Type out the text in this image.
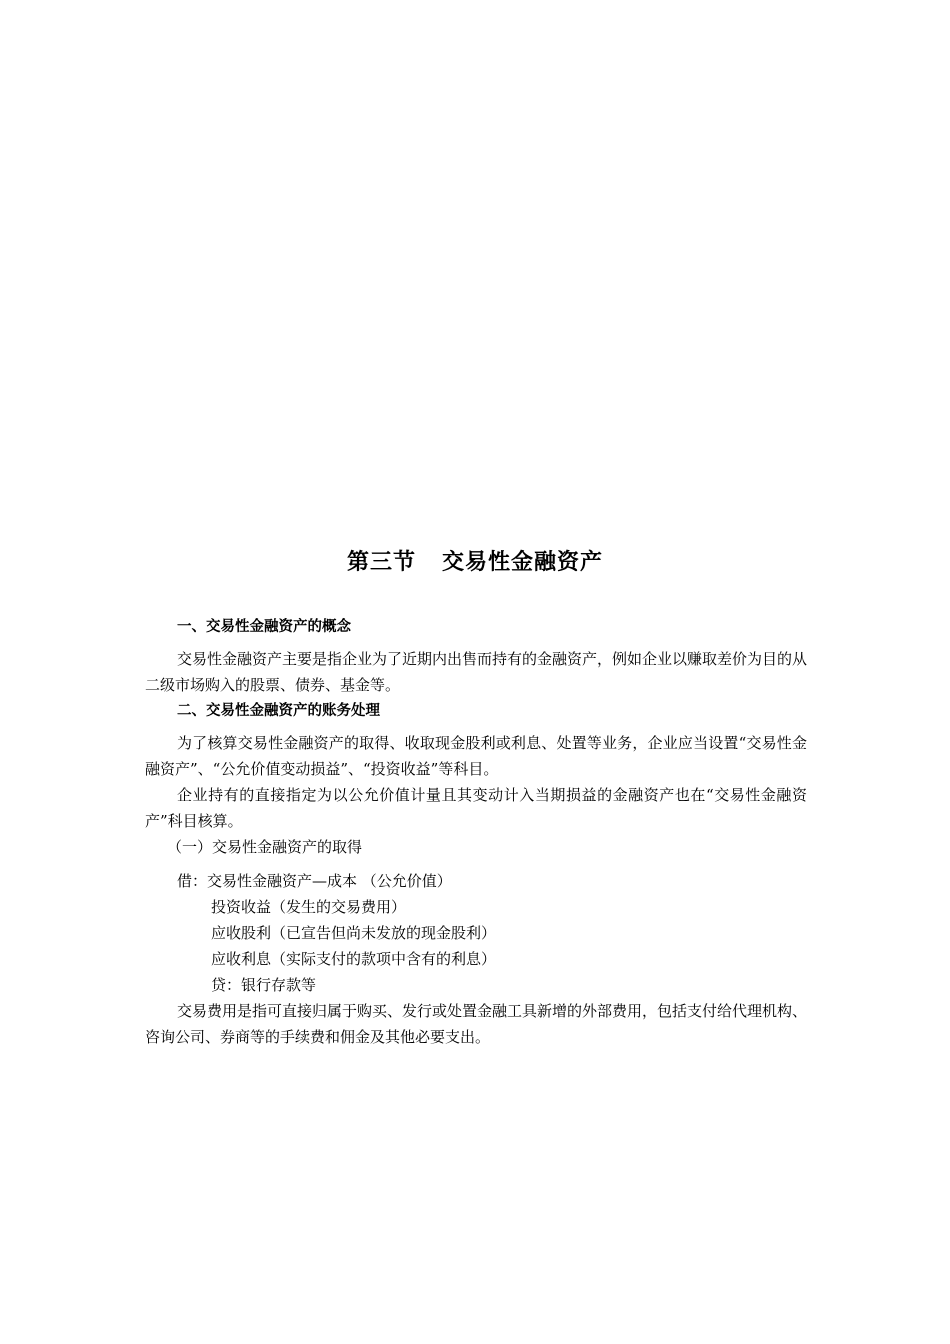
第三节 交易性金融资产

一、交易性金融资产的概念

交易性金融资产主要是指企业为了近期内出售而持有的金融资产，例如企业以赚取差价为目的从二级市场购入的股票、债券、基金等。

二、交易性金融资产的账务处理

为了核算交易性金融资产的取得、收取现金股利或利息、处置等业务，企业应当设置“交易性金融资产”、“公允价值变动损益”、“投资收益”等科目。

企业持有的直接指定为以公允价值计量且其变动计入当期损益的金融资产也在“交易性金融资产”科目核算。

（一）交易性金融资产的取得

借：交易性金融资产—成本 （公允价值）

投资收益（发生的交易费用）

应收股利（已宣告但尚未发放的现金股利）

应收利息（实际支付的款项中含有的利息）

贷：银行存款等

交易费用是指可直接归属于购买、发行或处置金融工具新增的外部费用，包括支付给代理机构、咨询公司、券商等的手续费和佣金及其他必要支出。
